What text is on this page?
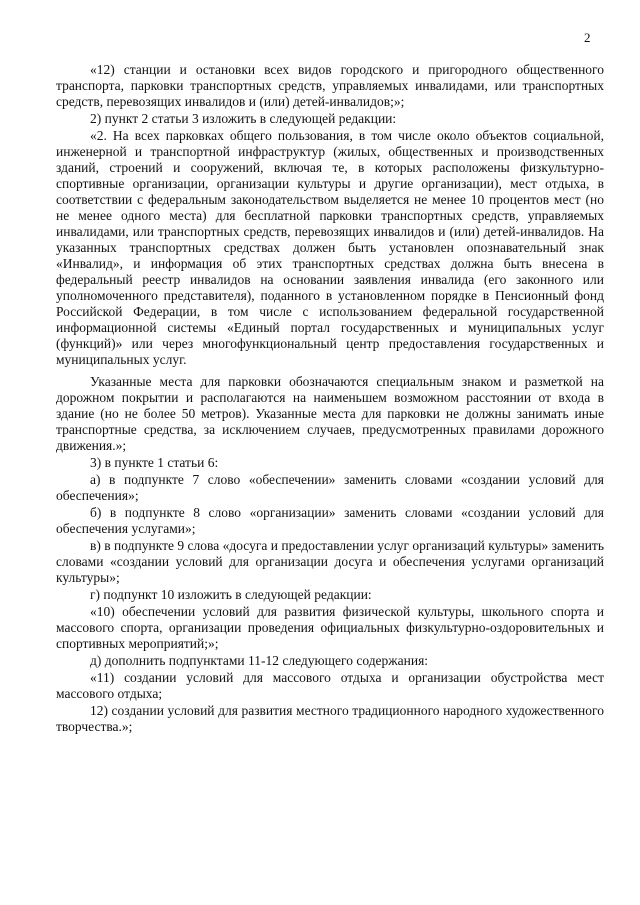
2

«12) станции и остановки всех видов городского и пригородного общественного транспорта, парковки транспортных средств, управляемых инвалидами, или транспортных средств, перевозящих инвалидов и (или) детей-инвалидов;»;

2) пункт 2 статьи 3 изложить в следующей редакции:

«2. На всех парковках общего пользования, в том числе около объектов социальной, инженерной и транспортной инфраструктур (жилых, общественных и производственных зданий, строений и сооружений, включая те, в которых расположены физкультурно-спортивные организации, организации культуры и другие организации), мест отдыха, в соответствии с федеральным законодательством выделяется не менее 10 процентов мест (но не менее одного места) для бесплатной парковки транспортных средств, управляемых инвалидами, или транспортных средств, перевозящих инвалидов и (или) детей-инвалидов. На указанных транспортных средствах должен быть установлен опознавательный знак «Инвалид», и информация об этих транспортных средствах должна быть внесена в федеральный реестр инвалидов на основании заявления инвалида (его законного или уполномоченного представителя), поданного в установленном порядке в Пенсионный фонд Российской Федерации, в том числе с использованием федеральной государственной информационной системы «Единый портал государственных и муниципальных услуг (функций)» или через многофункциональный центр предоставления государственных и муниципальных услуг.

Указанные места для парковки обозначаются специальным знаком и разметкой на дорожном покрытии и располагаются на наименьшем возможном расстоянии от входа в здание (но не более 50 метров). Указанные места для парковки не должны занимать иные транспортные средства, за исключением случаев, предусмотренных правилами дорожного движения.»;

3) в пункте 1 статьи 6:

а) в подпункте 7 слово «обеспечении» заменить словами «создании условий для обеспечения»;

б) в подпункте 8 слово «организации» заменить словами «создании условий для обеспечения услугами»;

в) в подпункте 9 слова «досуга и предоставлении услуг организаций культуры» заменить словами «создании условий для организации досуга и обеспечения услугами организаций культуры»;

г) подпункт 10 изложить в следующей редакции:

«10) обеспечении условий для развития физической культуры, школьного спорта и массового спорта, организации проведения официальных физкультурно-оздоровительных и спортивных мероприятий;»;

д) дополнить подпунктами 11-12 следующего содержания:

«11) создании условий для массового отдыха и организации обустройства мест массового отдыха;

12) создании условий для развития местного традиционного народного художественного творчества.»;
